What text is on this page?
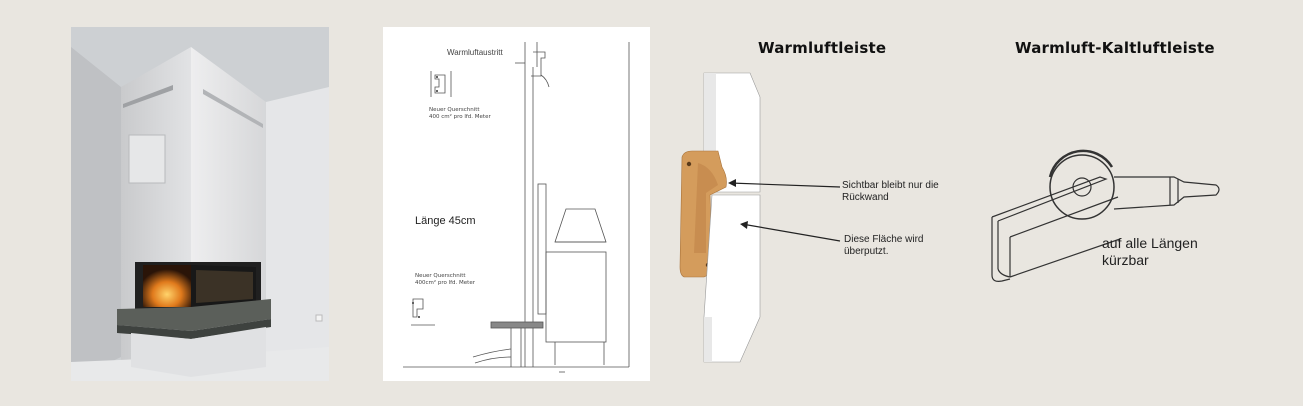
Warmluftaustritt
Neuer Querschnitt
400 cm² pro lfd. Meter
Länge 45cm
Neuer Querschnitt
400cm² pro lfd. Meter
Warmluftleiste
Sichtbar bleibt nur die
Rückwand
Diese Fläche wird
überputzt.
Warmluft-Kaltluftleiste
auf alle Längen
kürzbar
